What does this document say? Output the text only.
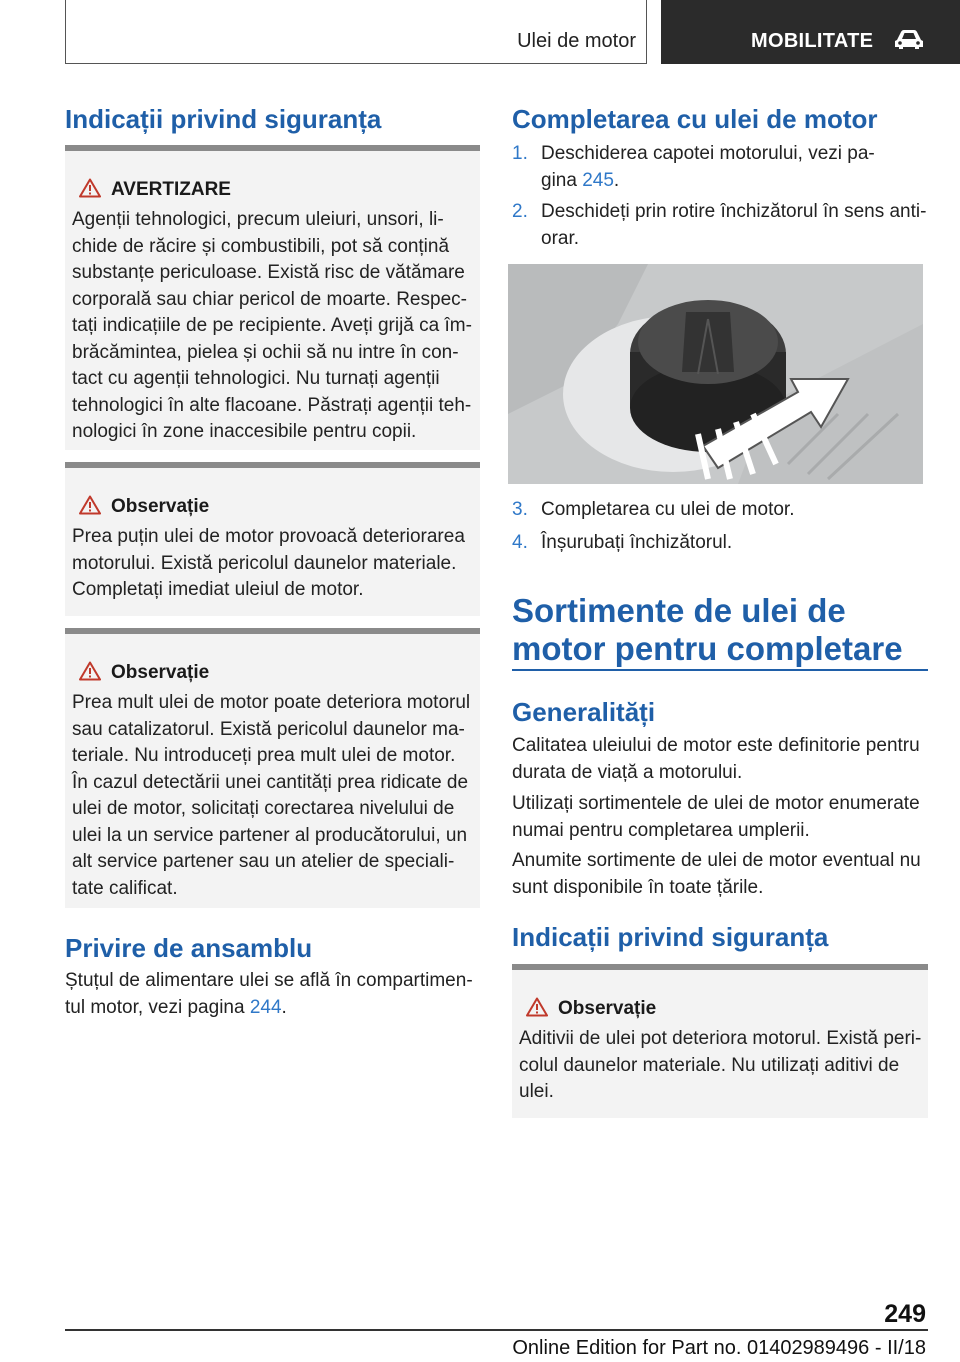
Ulei de motor	MOBILITATE
Indicații privind siguranța
AVERTIZARE
Agenții tehnologici, precum uleiuri, unsori, li‐
chide de răcire și combustibili, pot să conțină
substanțe periculoase. Există risc de vătămare
corporală sau chiar pericol de moarte. Respec‐
tați indicațiile de pe recipiente. Aveți grijă ca îm‐
brăcămintea, pielea și ochii să nu intre în con‐
tact cu agenții tehnologici. Nu turnați agenții
tehnologici în alte flacoane. Păstrați agenții teh‐
nologici în zone inaccesibile pentru copii.
Observație
Prea puțin ulei de motor provoacă deteriorarea
motorului. Există pericolul daunelor materiale.
Completați imediat uleiul de motor.
Observație
Prea mult ulei de motor poate deteriora motorul
sau catalizatorul. Există pericolul daunelor ma‐
teriale. Nu introduceți prea mult ulei de motor.
În cazul detectării unei cantități prea ridicate de
ulei de motor, solicitați corectarea nivelului de
ulei la un service partener al producătorului, un
alt service partener sau un atelier de speciali‐
tate calificat.
Privire de ansamblu
Ștuțul de alimentare ulei se află în compartimen‐
tul motor, vezi pagina 244.
Completarea cu ulei de motor
1. Deschiderea capotei motorului, vezi pa‐
gina 245.
2. Deschideți prin rotire închizătorul în sens anti‐
orar.
3. Completarea cu ulei de motor.
4. Înșurubați închizătorul.
Sortimente de ulei de
motor pentru completare
Generalități
Calitatea uleiului de motor este definitorie pentru
durata de viață a motorului.
Utilizați sortimentele de ulei de motor enumerate
numai pentru completarea umplerii.
Anumite sortimente de ulei de motor eventual nu
sunt disponibile în toate țările.
Indicații privind siguranța
Observație
Aditivii de ulei pot deteriora motorul. Există peri‐
colul daunelor materiale. Nu utilizați aditivi de
ulei.
249
Online Edition for Part no. 01402989496 - II/18
